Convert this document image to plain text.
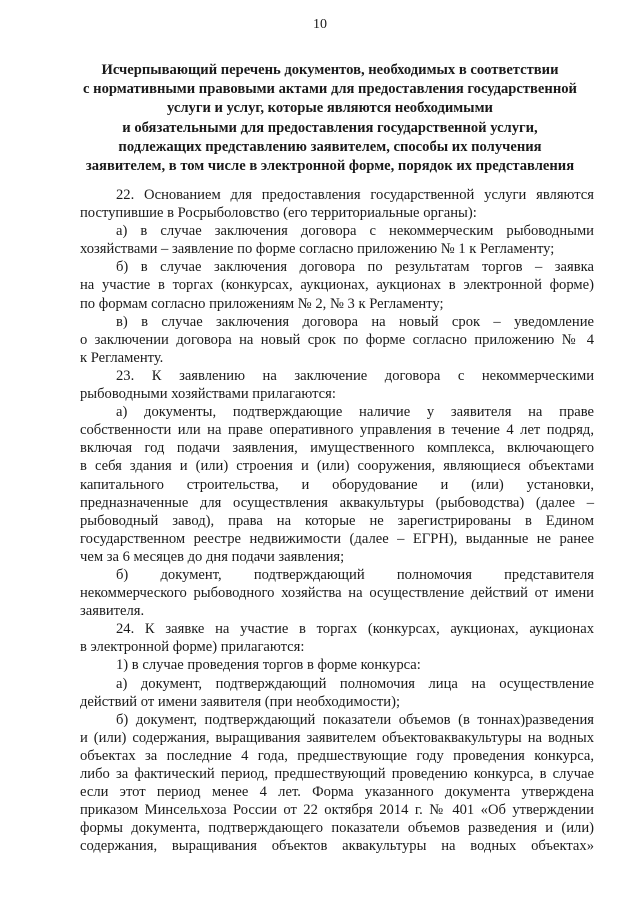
10
Исчерпывающий перечень документов, необходимых в соответствии
с нормативными правовыми актами для предоставления государственной
услуги и услуг, которые являются необходимыми
и обязательными для предоставления государственной услуги,
подлежащих представлению заявителем, способы их получения
заявителем, в том числе в электронной форме, порядок их представления
22. Основанием для предоставления государственной услуги являются
поступившие в Росрыболовство (его территориальные органы):
а) в случае заключения договора с некоммерческим рыбоводными
хозяйствами – заявление по форме согласно приложению № 1 к Регламенту;
б) в случае заключения договора по результатам торгов – заявка
на участие в торгах (конкурсах, аукционах, аукционах в электронной форме)
по формам согласно приложениям № 2, № 3 к Регламенту;
в) в случае заключения договора на новый срок – уведомление
о заключении договора на новый срок по форме согласно приложению № 4
к Регламенту.
23. К заявлению на заключение договора с некоммерческими
рыбоводными хозяйствами прилагаются:
а) документы, подтверждающие наличие у заявителя на праве
собственности или на праве оперативного управления в течение 4 лет подряд,
включая год подачи заявления, имущественного комплекса, включающего
в себя здания и (или) строения и (или) сооружения, являющиеся объектами
капитального строительства, и оборудование и (или) установки,
предназначенные для осуществления аквакультуры (рыбоводства) (далее –
рыбоводный завод), права на которые не зарегистрированы в Едином
государственном реестре недвижимости (далее – ЕГРН), выданные не ранее
чем за 6 месяцев до дня подачи заявления;
б) документ, подтверждающий полномочия представителя
некоммерческого рыбоводного хозяйства на осуществление действий от имени
заявителя.
24. К заявке на участие в торгах (конкурсах, аукционах, аукционах
в электронной форме) прилагаются:
1) в случае проведения торгов в форме конкурса:
а) документ, подтверждающий полномочия лица на осуществление
действий от имени заявителя (при необходимости);
б) документ, подтверждающий показатели объемов (в тоннах)разведения
и (или) содержания, выращивания заявителем объектоваквакультуры на водных
объектах за последние 4 года, предшествующие году проведения конкурса,
либо за фактический период, предшествующий проведению конкурса, в случае
если этот период менее 4 лет. Форма указанного документа утверждена
приказом Минсельхоза России от 22 октября 2014 г. № 401 «Об утверждении
формы документа, подтверждающего показатели объемов разведения и (или)
содержания, выращивания объектов аквакультуры на водных объектах»
